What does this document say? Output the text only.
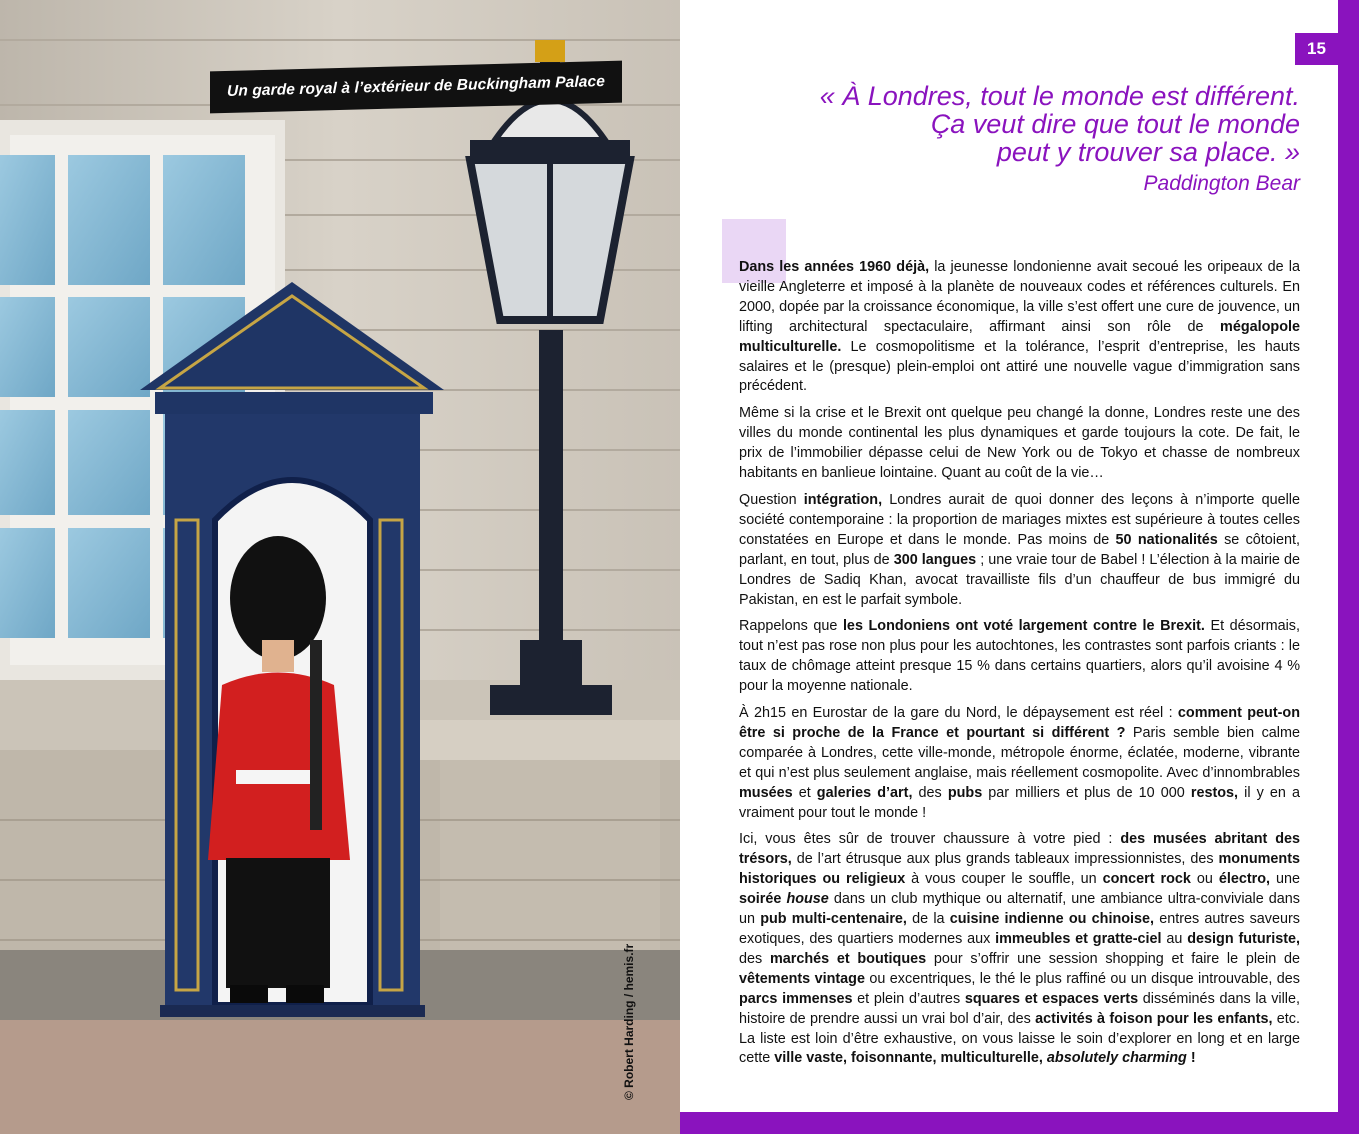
Un garde royal à l’extérieur de Buckingham Palace
© Robert Harding / hemis.fr
15
« À Londres, tout le monde est différent.
Ça veut dire que tout le monde
peut y trouver sa place. »
Paddington Bear

Dans les années 1960 déjà, la jeunesse londonienne avait secoué les oripeaux de la vieille Angleterre et imposé à la planète de nouveaux codes et références culturels. En 2000, dopée par la croissance économique, la ville s’est offert une cure de jouvence, un lifting architectural spectaculaire, affirmant ainsi son rôle de mégalopole multiculturelle. Le cosmopolitisme et la tolérance, l’esprit d’entreprise, les hauts salaires et le (presque) plein-emploi ont attiré une nouvelle vague d’immigration sans précédent.

Même si la crise et le Brexit ont quelque peu changé la donne, Londres reste une des villes du monde continental les plus dynamiques et garde toujours la cote. De fait, le prix de l’immobilier dépasse celui de New York ou de Tokyo et chasse de nombreux habitants en banlieue lointaine. Quant au coût de la vie…

Question intégration, Londres aurait de quoi donner des leçons à n’importe quelle société contemporaine : la proportion de mariages mixtes est supérieure à toutes celles constatées en Europe et dans le monde. Pas moins de 50 nationalités se côtoient, parlant, en tout, plus de 300 langues ; une vraie tour de Babel ! L’élection à la mairie de Londres de Sadiq Khan, avocat travailliste fils d’un chauffeur de bus immigré du Pakistan, en est le parfait symbole.

Rappelons que les Londoniens ont voté largement contre le Brexit. Et désormais, tout n’est pas rose non plus pour les autochtones, les contrastes sont parfois criants : le taux de chômage atteint presque 15 % dans certains quartiers, alors qu’il avoisine 4 % pour la moyenne nationale.

À 2h15 en Eurostar de la gare du Nord, le dépaysement est réel : comment peut-on être si proche de la France et pourtant si différent ? Paris semble bien calme comparée à Londres, cette ville-monde, métropole énorme, éclatée, moderne, vibrante et qui n’est plus seulement anglaise, mais réellement cosmopolite. Avec d’innombrables musées et galeries d’art, des pubs par milliers et plus de 10 000 restos, il y en a vraiment pour tout le monde !

Ici, vous êtes sûr de trouver chaussure à votre pied : des musées abritant des trésors, de l’art étrusque aux plus grands tableaux impressionnistes, des monuments historiques ou religieux à vous couper le souffle, un concert rock ou électro, une soirée house dans un club mythique ou alternatif, une ambiance ultra-conviviale dans un pub multi-centenaire, de la cuisine indienne ou chinoise, entres autres saveurs exotiques, des quartiers modernes aux immeubles et gratte-ciel au design futuriste, des marchés et boutiques pour s’offrir une session shopping et faire le plein de vêtements vintage ou excentriques, le thé le plus raffiné ou un disque introuvable, des parcs immenses et plein d’autres squares et espaces verts disséminés dans la ville, histoire de prendre aussi un vrai bol d’air, des activités à foison pour les enfants, etc. La liste est loin d’être exhaustive, on vous laisse le soin d’explorer en long et en large cette ville vaste, foisonnante, multiculturelle, absolutely charming !
